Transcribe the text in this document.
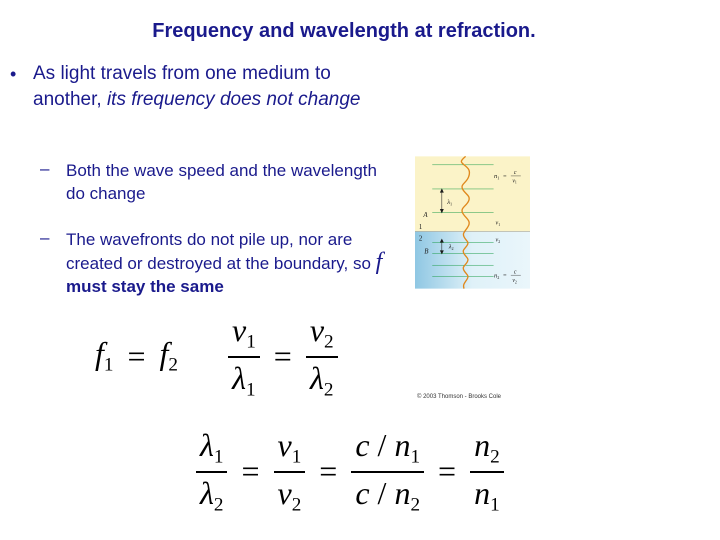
Frequency and wavelength at refraction.
• As light travels from one medium to another, its frequency does not change
– Both the wave speed and the wavelength do change
– The wavefronts do not pile up, nor are created or destroyed at the boundary, so f must stay the same
$f_1 = f_2 \frac{v_1}{\lambda_1} = \frac{v_2}{\lambda_2}$
$\frac{\lambda_1}{\lambda_2} = \frac{v_1}{v_2} = \frac{c / n_1}{c / n_2} = \frac{n_2}{n_1}$
$n_1$ =
c
$v_1$
$\lambda_1$
A
$v_1$
1
2	$v_2$
$\lambda_2$
B
$n_2$ =
c
$v_2$
© 2003 Thomson - Brooks Cole
